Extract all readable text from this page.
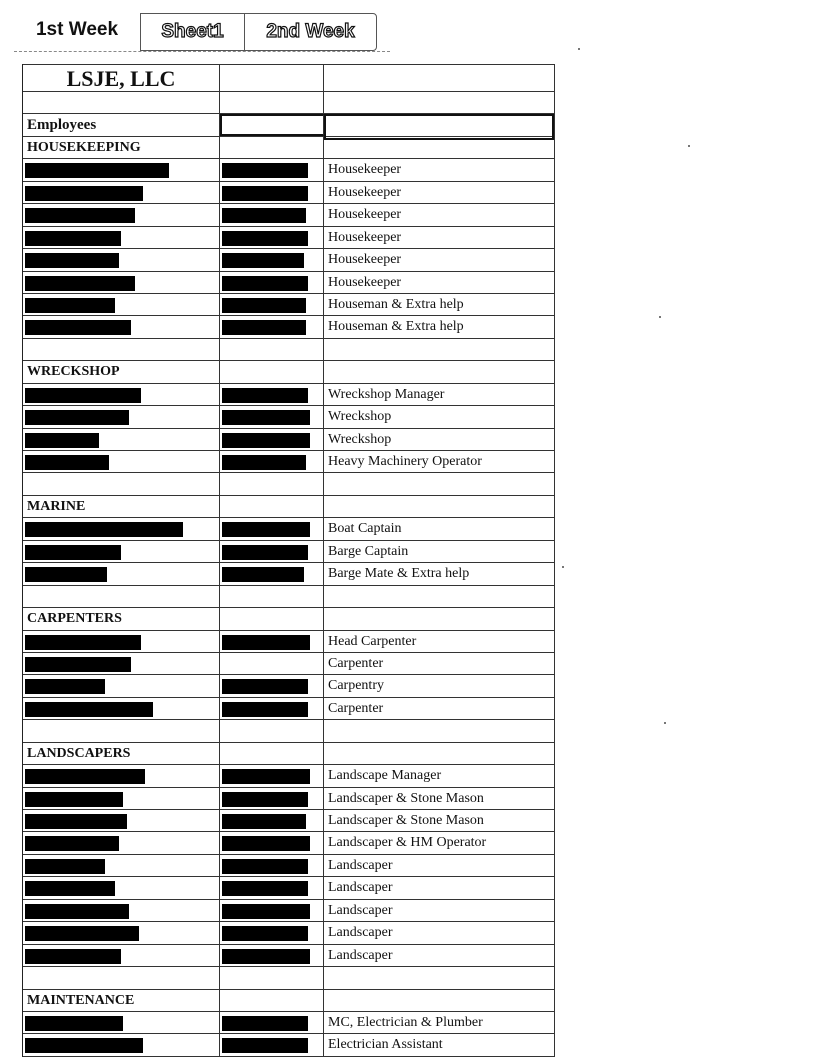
1st Week	Sheet1	2nd Week
LSJE, LLC
Employees
HOUSEKEEPING
Housekeeper
Housekeeper
Housekeeper
Housekeeper
Housekeeper
Housekeeper
Houseman & Extra help
Houseman & Extra help
WRECKSHOP
Wreckshop Manager
Wreckshop
Wreckshop
Heavy Machinery Operator
MARINE
Boat Captain
Barge Captain
Barge Mate & Extra help
CARPENTERS
Head Carpenter
Carpenter
Carpentry
Carpenter
LANDSCAPERS
Landscape Manager
Landscaper & Stone Mason
Landscaper & Stone Mason
Landscaper & HM Operator
Landscaper
Landscaper
Landscaper
Landscaper
Landscaper
MAINTENANCE
MC, Electrician & Plumber
Electrician Assistant
